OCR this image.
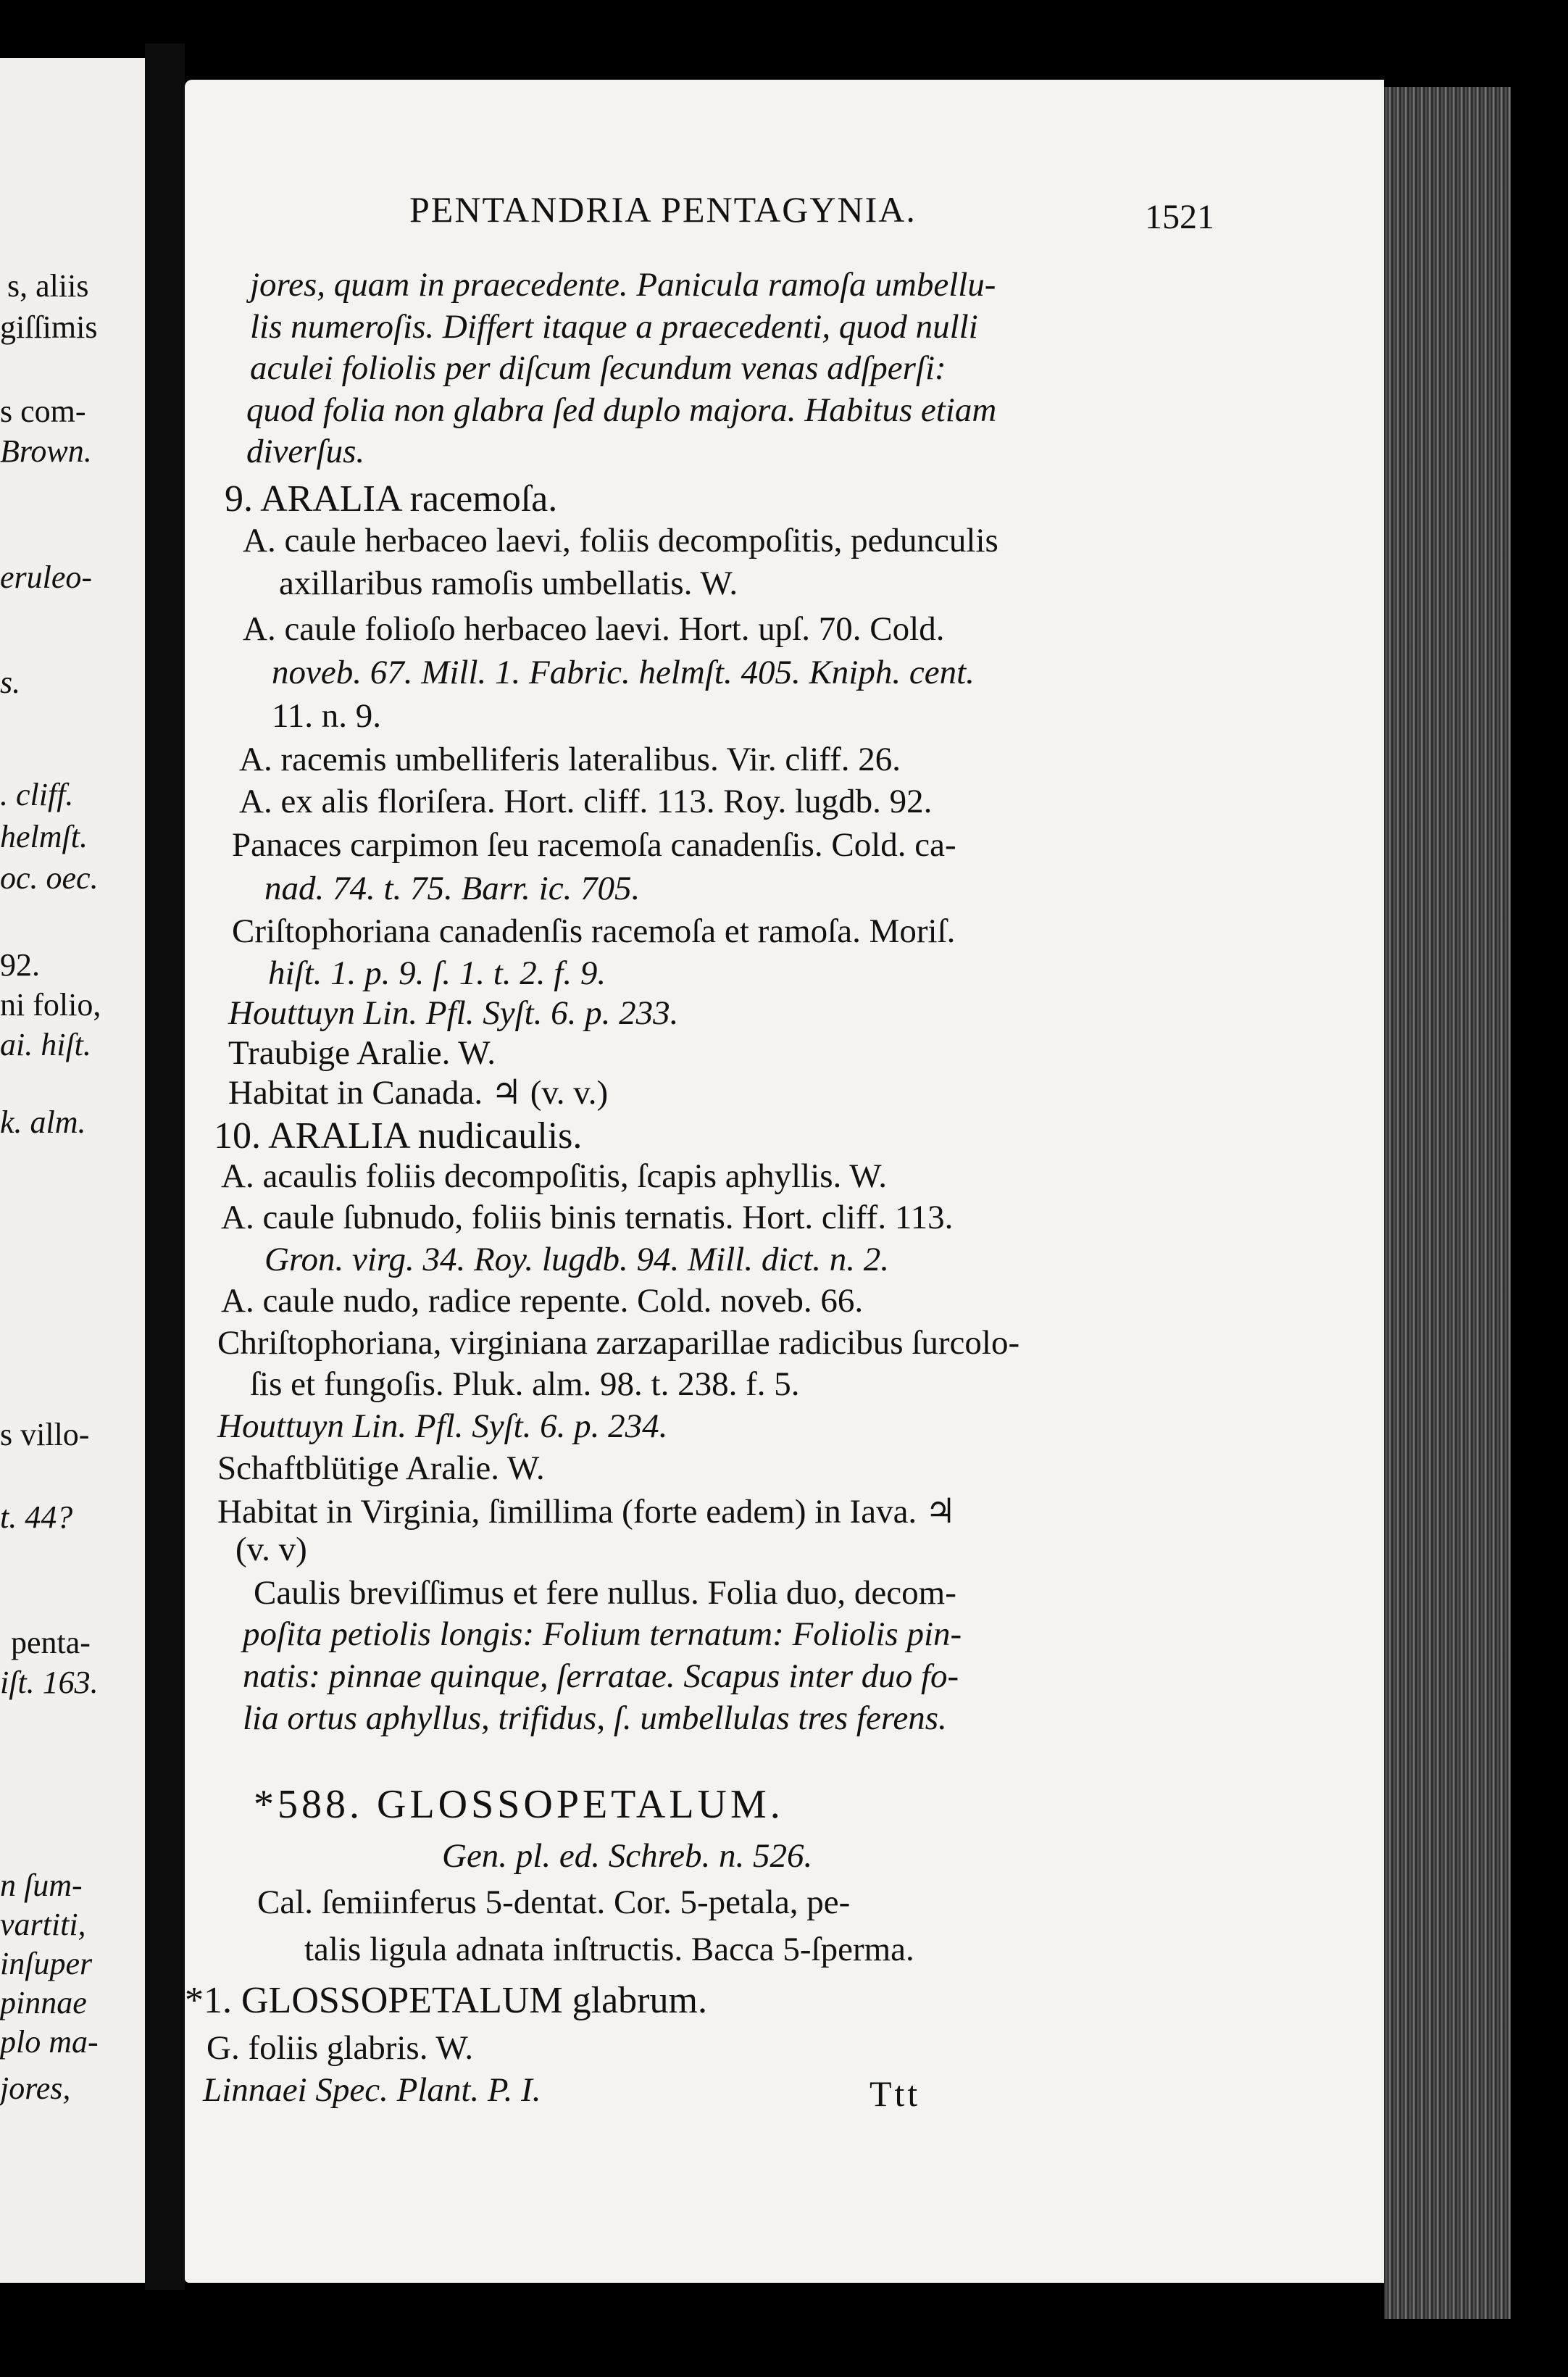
s, aliis
giſſimis
s com-
Brown.
eruleo-
s.
. cliff.
helmſt.
oc. oec.
92.
ni folio,
ai. hiſt.
k. alm.
s villo-
t. 44?
penta-
iſt. 163.
n ſum-
vartiti,
inſuper
pinnae
plo ma-
jores,
PENTANDRIA PENTAGYNIA.	1521
jores, quam in praecedente. Panicula ramoſa umbellu-
lis numeroſis. Differt itaque a praecedenti, quod nulli
aculei foliolis per diſcum ſecundum venas adſperſi:
quod folia non glabra ſed duplo majora. Habitus etiam
diverſus.
9. ARALIA racemoſa.
A. caule herbaceo laevi, foliis decompoſitis, pedunculis
axillaribus ramoſis umbellatis. W.
A. caule folioſo herbaceo laevi. Hort. upſ. 70. Cold.
noveb. 67. Mill. 1. Fabric. helmſt. 405. Kniph. cent.
11. n. 9.
A. racemis umbelliferis lateralibus. Vir. cliff. 26.
A. ex alis floriſera. Hort. cliff. 113. Roy. lugdb. 92.
Panaces carpimon ſeu racemoſa canadenſis. Cold. ca-
nad. 74. t. 75. Barr. ic. 705.
Criſtophoriana canadenſis racemoſa et ramoſa. Moriſ.
hiſt. 1. p. 9. ſ. 1. t. 2. f. 9.
Houttuyn Lin. Pfl. Syſt. 6. p. 233.
Traubige Aralie. W.
Habitat in Canada. ♃ (v. v.)
10. ARALIA nudicaulis.
A. acaulis foliis decompoſitis, ſcapis aphyllis. W.
A. caule ſubnudo, foliis binis ternatis. Hort. cliff. 113.
Gron. virg. 34. Roy. lugdb. 94. Mill. dict. n. 2.
A. caule nudo, radice repente. Cold. noveb. 66.
Chriſtophoriana, virginiana zarzaparillae radicibus ſurcolo-
ſis et fungoſis. Pluk. alm. 98. t. 238. f. 5.
Houttuyn Lin. Pfl. Syſt. 6. p. 234.
Schaftblütige Aralie. W.
Habitat in Virginia, ſimillima (forte eadem) in Iava. ♃
(v. v)
Caulis breviſſimus et fere nullus. Folia duo, decom-
poſita petiolis longis: Folium ternatum: Foliolis pin-
natis: pinnae quinque, ſerratae. Scapus inter duo fo-
lia ortus aphyllus, trifidus, ſ. umbellulas tres ferens.
*588. GLOSSOPETALUM.
Gen. pl. ed. Schreb. n. 526.
Cal. ſemiinferus 5-dentat. Cor. 5-petala, pe-
talis ligula adnata inſtructis. Bacca 5-ſperma.
*1. GLOSSOPETALUM glabrum.
G. foliis glabris. W.
Linnaei Spec. Plant. P. I.	Ttt
